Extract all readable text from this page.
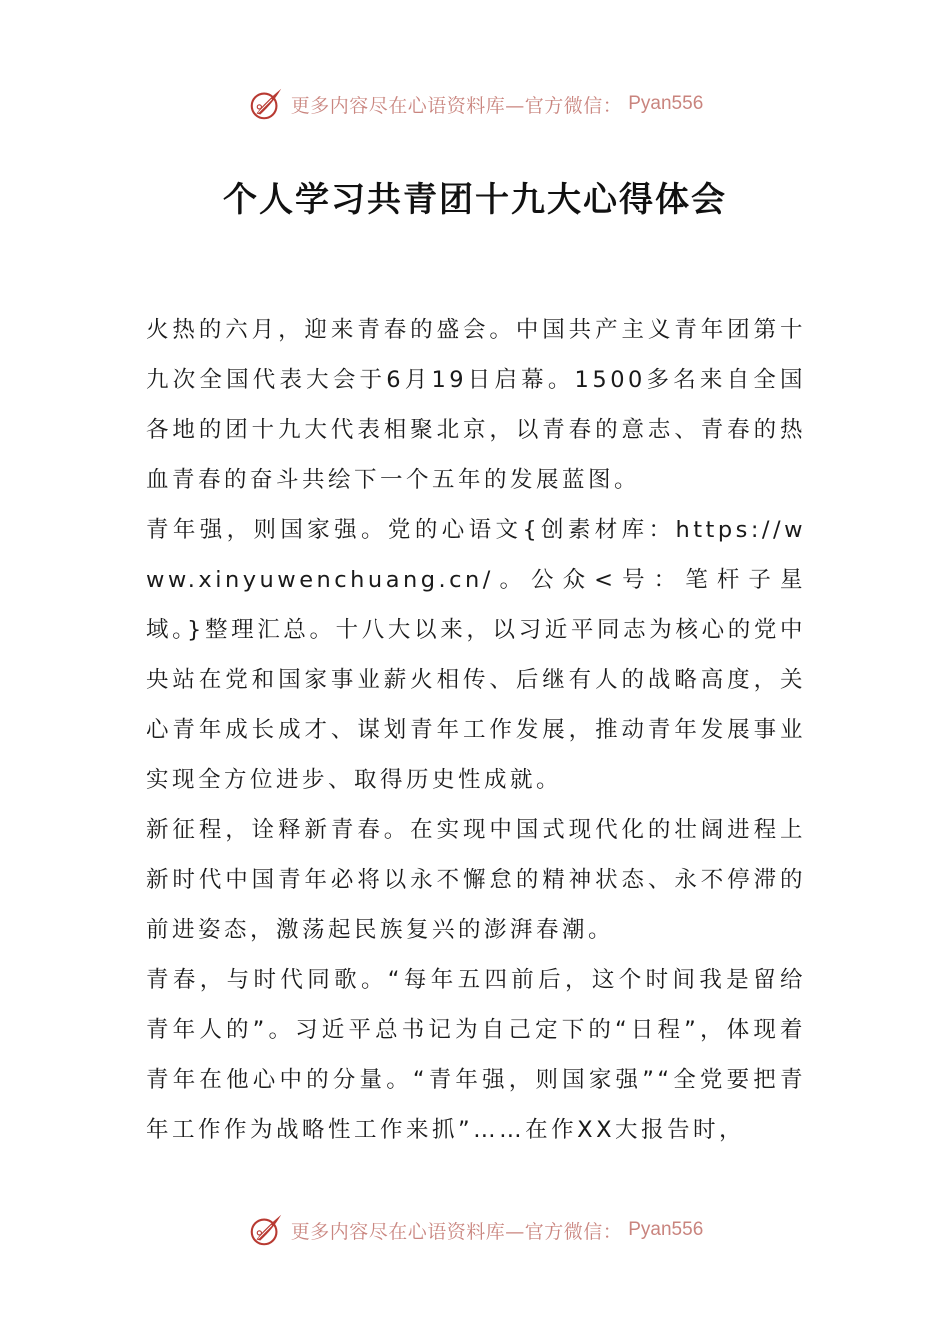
更多内容尽在心语资料库—官方微信： Pyan556
个人学习共青团十九大心得体会

火热的六月，迎来青春的盛会。中国共产主义青年团第十九次全国代表大会于6月19日启幕。1500多名来自全国各地的团十九大代表相聚北京，以青春的意志、青春的热血青春的奋斗共绘下一个五年的发展蓝图。

青年强，则国家强。党的心语文{创素材库：https://www.xinyuwenchuang.cn/。公众<号：笔杆子星域。}整理汇总。十八大以来，以习近平同志为核心的党中央站在党和国家事业薪火相传、后继有人的战略高度，关心青年成长成才、谋划青年工作发展，推动青年发展事业实现全方位进步、取得历史性成就。

新征程，诠释新青春。在实现中国式现代化的壮阔进程上新时代中国青年必将以永不懈怠的精神状态、永不停滞的前进姿态，激荡起民族复兴的澎湃春潮。

青春，与时代同歌。“每年五四前后，这个时间我是留给青年人的”。习近平总书记为自己定下的“日程”，体现着青年在他心中的分量。“青年强，则国家强”“全党要把青年工作作为战略性工作来抓”……在作XX大报告时，

更多内容尽在心语资料库—官方微信： Pyan556
